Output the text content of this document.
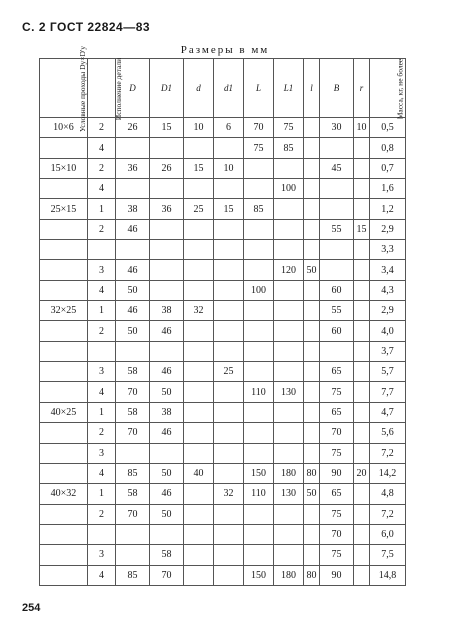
С. 2 ГОСТ 22824—83
Размеры в мм
Условные проходы Dу×D'у	Исполнение детали	D	D1	d	d1	L	L1	l	B	r	Масса, кг, не более
10×6	2	26	15	10	6	70	75		30	10	0,5
	4					75	85				0,8
15×10	2	36	26	15	10				45		0,7
	4						100				1,6
25×15	1	38	36	25	15	85					1,2
	2	46							55	15	2,9
											3,3
	3	46					120	50			3,4
	4	50				100			60		4,3
32×25	1	46	38	32					55		2,9
	2	50	46						60		4,0
											3,7
	3	58	46		25				65		5,7
	4	70	50			110	130		75		7,7
40×25	1	58	38						65		4,7
	2	70	46						70		5,6
	3								75		7,2
	4	85	50	40		150	180	80	90	20	14,2
40×32	1	58	46		32	110	130	50	65		4,8
	2	70	50						75		7,2
									70		6,0
	3		58						75		7,5
	4	85	70			150	180	80	90		14,8
254
